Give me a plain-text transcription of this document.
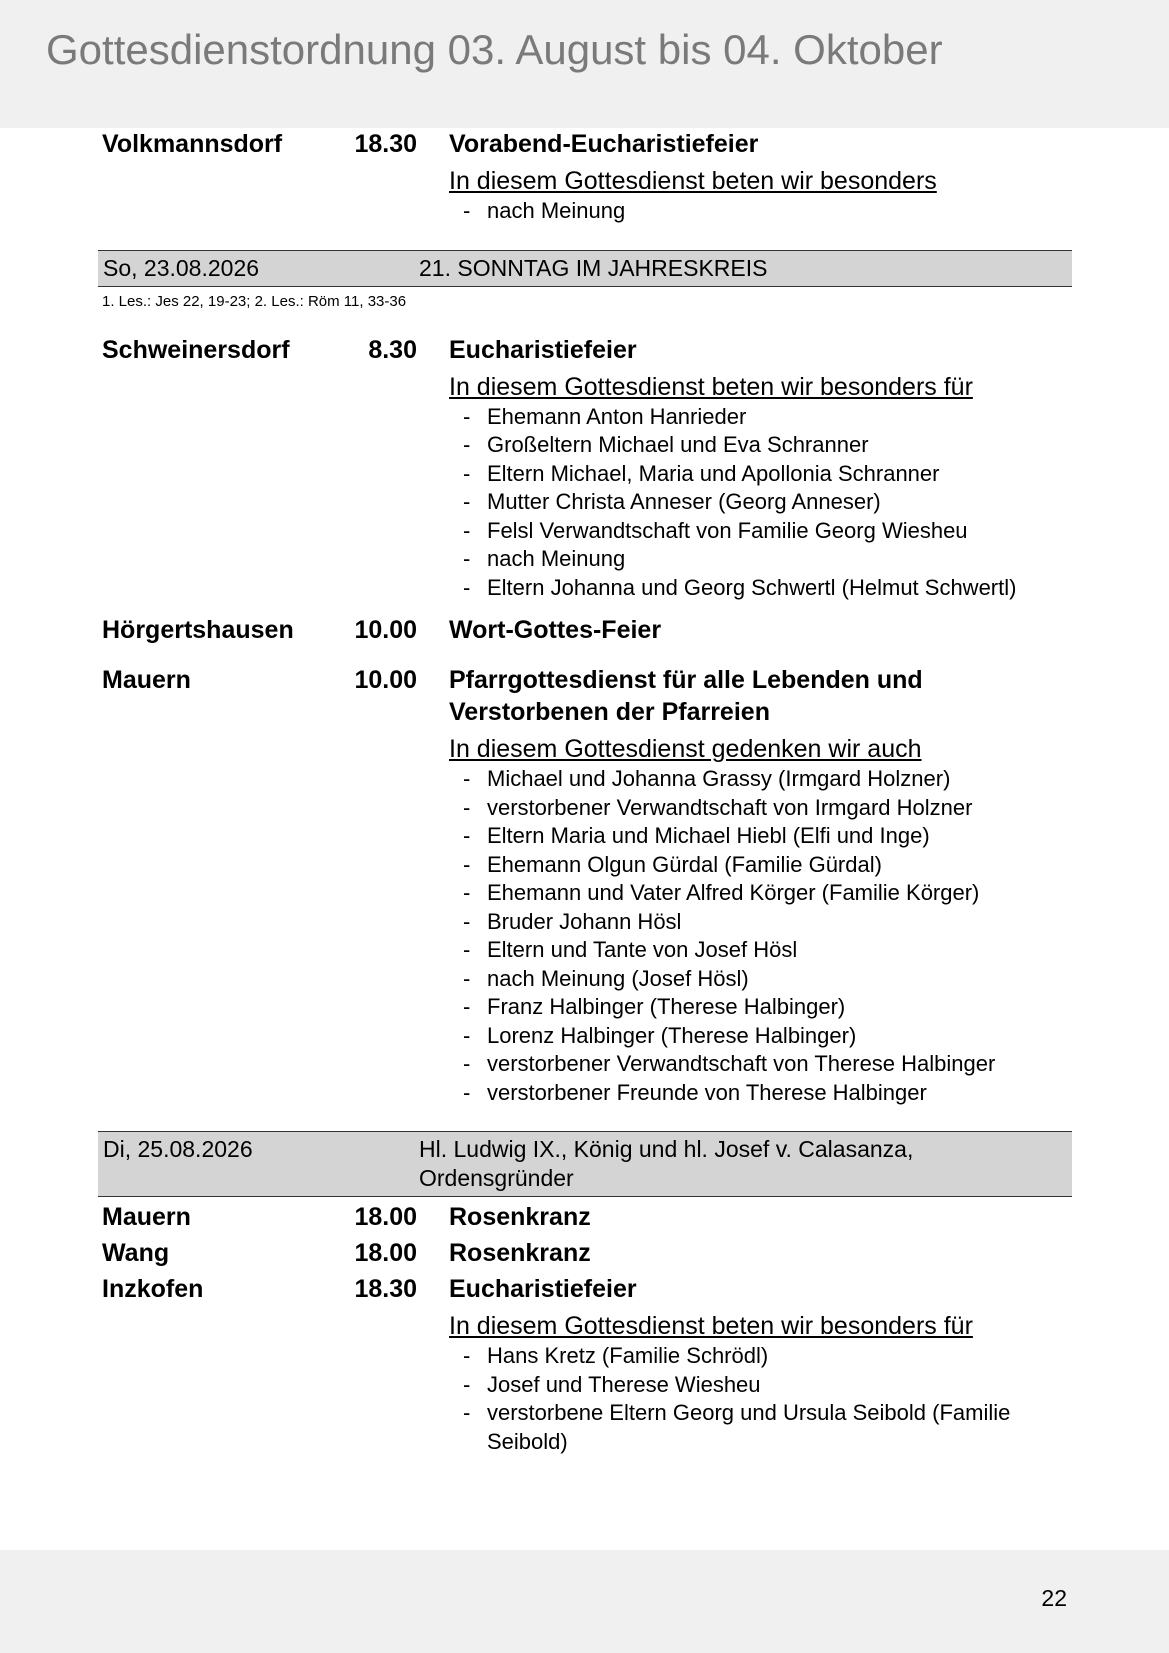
Gottesdienstordnung 03. August bis 04. Oktober
Volkmannsdorf	18.30 Vorabend-Eucharistiefeier
In diesem Gottesdienst beten wir besonders
- nach Meinung
So, 23.08.2026	21. SONNTAG IM JAHRESKREIS
1. Les.: Jes 22, 19-23; 2. Les.: Röm 11, 33-36
Schweinersdorf	8.30 Eucharistiefeier
In diesem Gottesdienst beten wir besonders für
- Ehemann Anton Hanrieder
- Großeltern Michael und Eva Schranner
- Eltern Michael, Maria und Apollonia Schranner
- Mutter Christa Anneser (Georg Anneser)
- Felsl Verwandtschaft von Familie Georg Wiesheu
- nach Meinung
- Eltern Johanna und Georg Schwertl (Helmut Schwertl)
Hörgertshausen	10.00 Wort-Gottes-Feier
Mauern	10.00 Pfarrgottesdienst für alle Lebenden und Verstorbenen der Pfarreien
In diesem Gottesdienst gedenken wir auch
- Michael und Johanna Grassy (Irmgard Holzner)
- verstorbener Verwandtschaft von Irmgard Holzner
- Eltern Maria und Michael Hiebl (Elfi und Inge)
- Ehemann Olgun Gürdal (Familie Gürdal)
- Ehemann und Vater Alfred Körger (Familie Körger)
- Bruder Johann Hösl
- Eltern und Tante von Josef Hösl
- nach Meinung (Josef Hösl)
- Franz Halbinger (Therese Halbinger)
- Lorenz Halbinger (Therese Halbinger)
- verstorbener Verwandtschaft von Therese Halbinger
- verstorbener Freunde von Therese Halbinger
Di, 25.08.2026	Hl. Ludwig IX., König und hl. Josef v. Calasanza, Ordensgründer
Mauern	18.00 Rosenkranz
Wang	18.00 Rosenkranz
Inzkofen	18.30 Eucharistiefeier
In diesem Gottesdienst beten wir besonders für
- Hans Kretz (Familie Schrödl)
- Josef und Therese Wiesheu
- verstorbene Eltern Georg und Ursula Seibold (Familie Seibold)
22
